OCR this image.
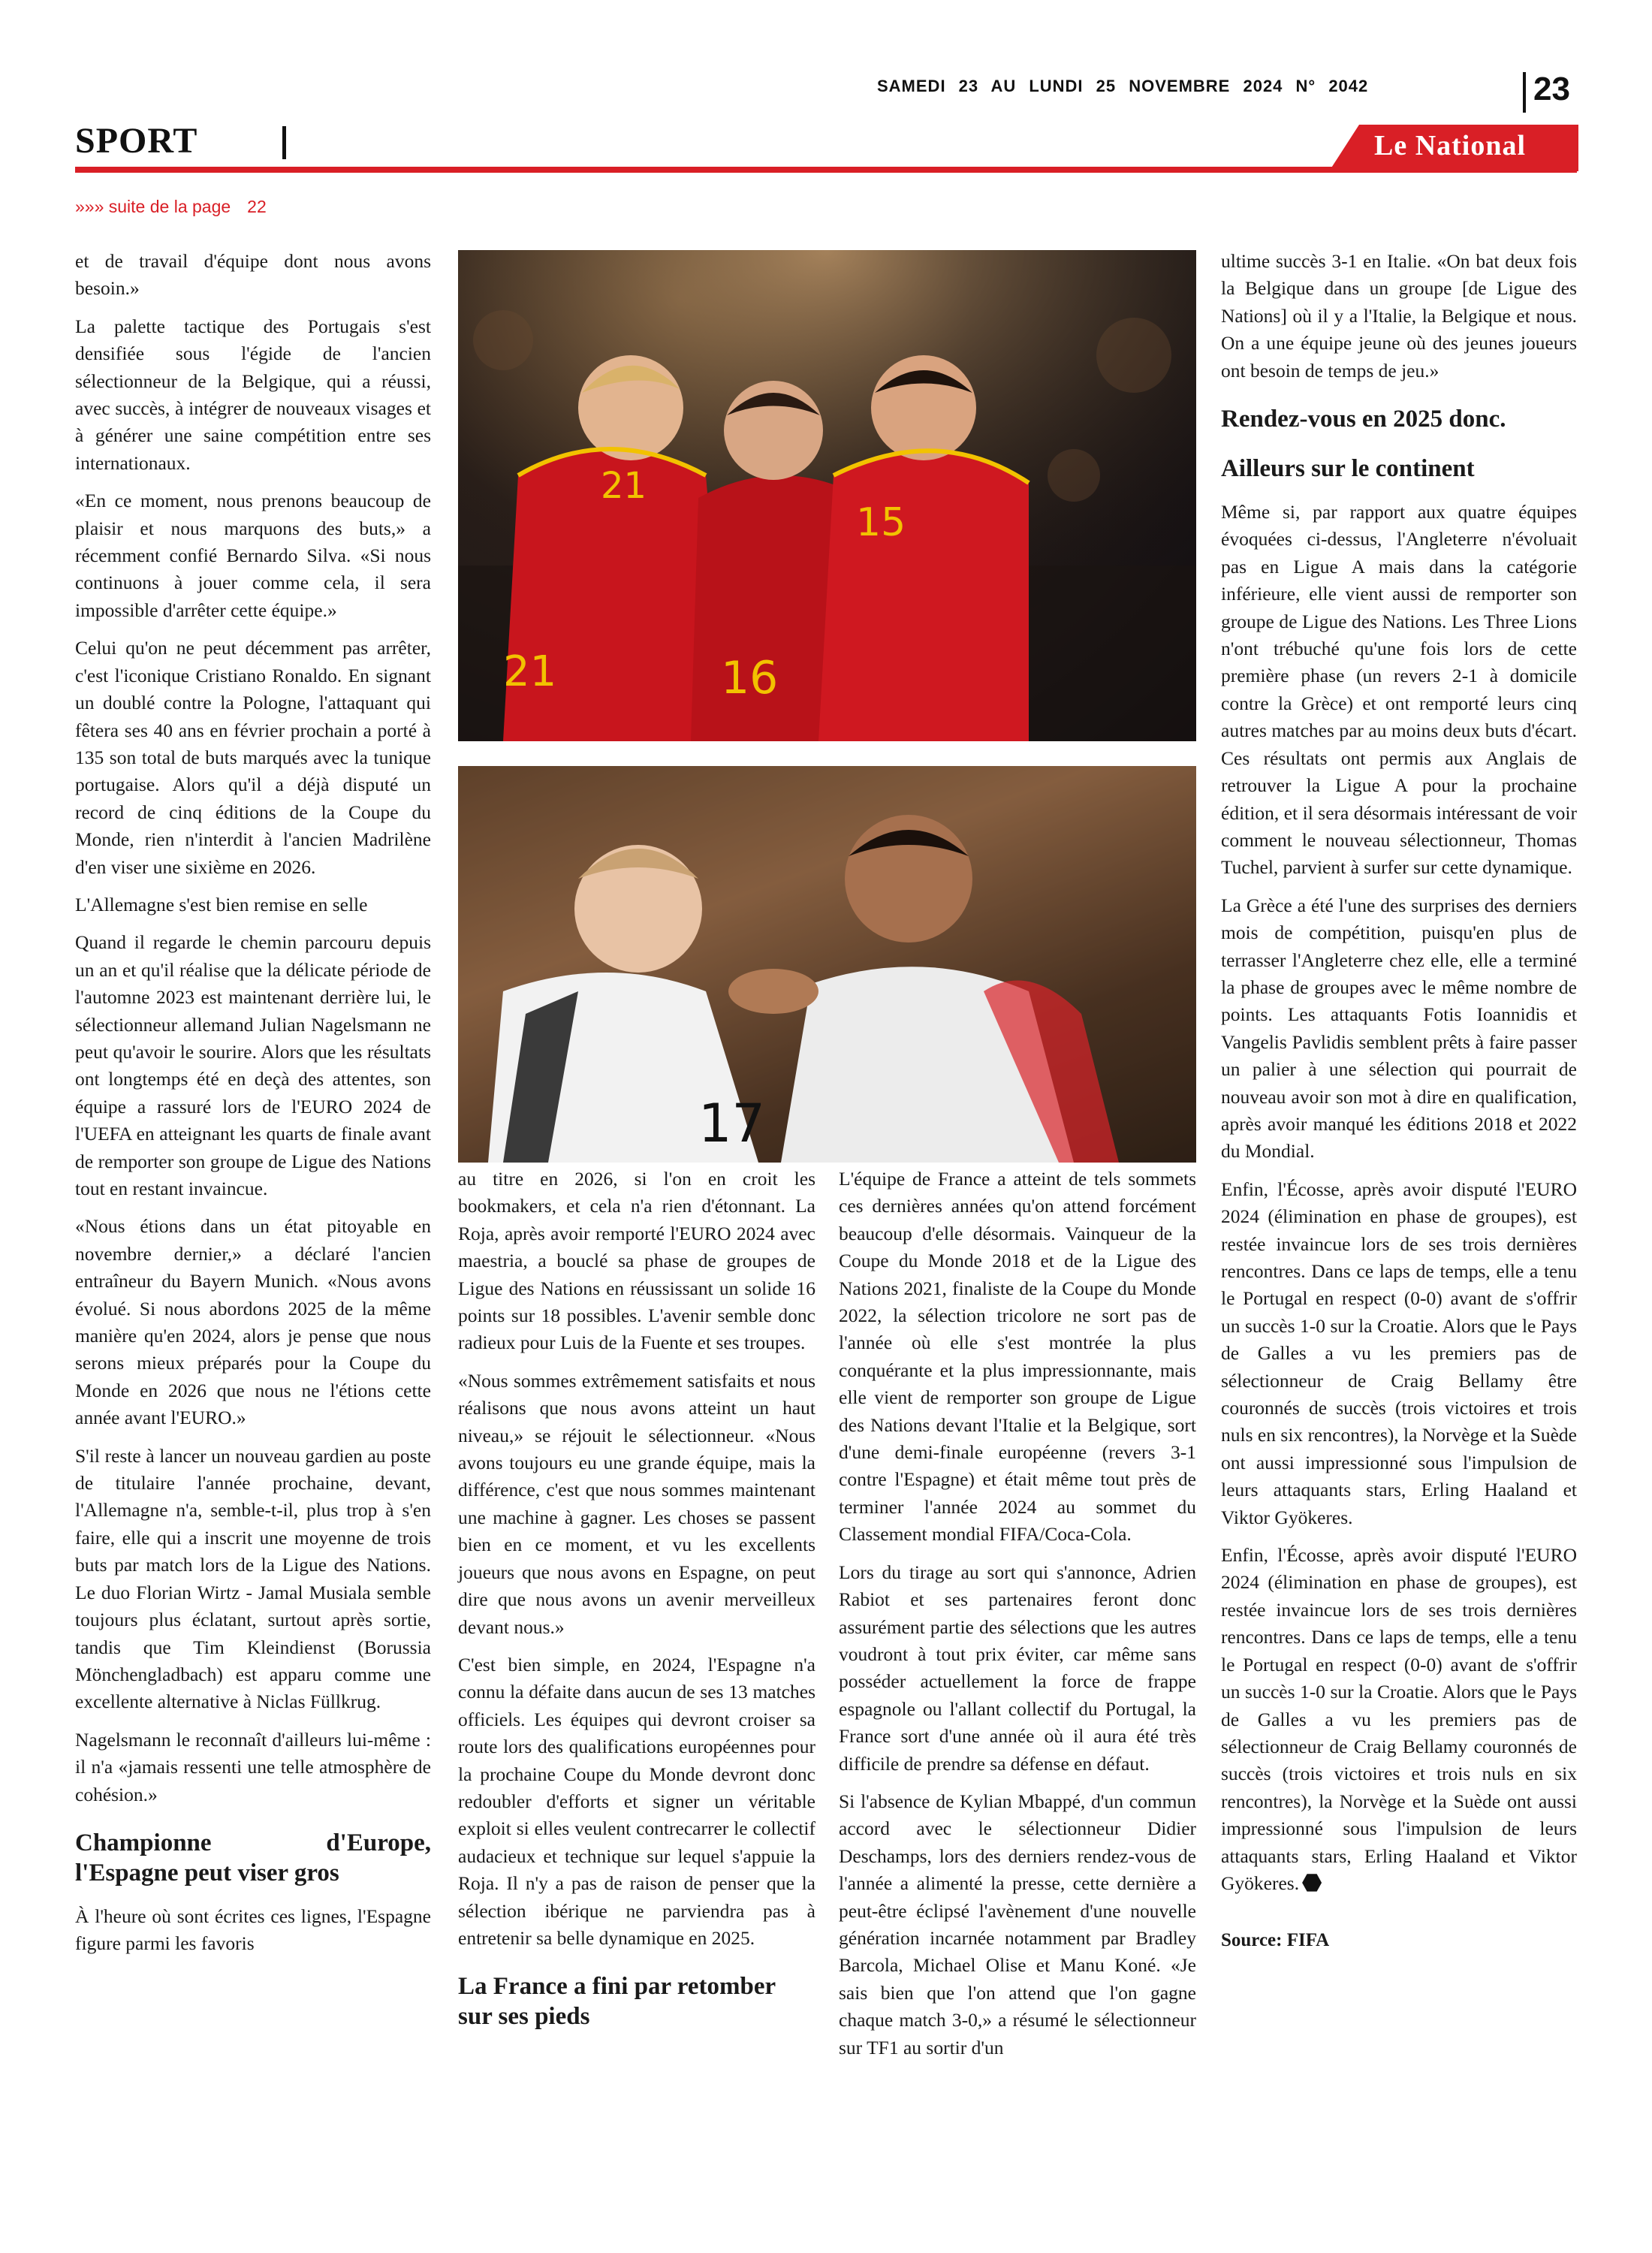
SAMEDI 23 AU LUNDI 25 NOVEMBRE 2024 N° 2042	23
SPORT	Le National
»»» suite de la page 22

et de travail d'équipe dont nous avons besoin.»

La palette tactique des Portugais s'est densifiée sous l'égide de l'ancien sélectionneur de la Belgique, qui a réussi, avec succès, à intégrer de nouveaux visages et à générer une saine compétition entre ses internationaux.

«En ce moment, nous prenons beaucoup de plaisir et nous marquons des buts,» a récemment confié Bernardo Silva. «Si nous continuons à jouer comme cela, il sera impossible d'arrêter cette équipe.»

Celui qu'on ne peut décemment pas arrêter, c'est l'iconique Cristiano Ronaldo. En signant un doublé contre la Pologne, l'attaquant qui fêtera ses 40 ans en février prochain a porté à 135 son total de buts marqués avec la tunique portugaise. Alors qu'il a déjà disputé un record de cinq éditions de la Coupe du Monde, rien n'interdit à l'ancien Madrilène d'en viser une sixième en 2026.

L'Allemagne s'est bien remise en selle

Quand il regarde le chemin parcouru depuis un an et qu'il réalise que la délicate période de l'automne 2023 est maintenant derrière lui, le sélectionneur allemand Julian Nagelsmann ne peut qu'avoir le sourire. Alors que les résultats ont longtemps été en deçà des attentes, son équipe a rassuré lors de l'EURO 2024 de l'UEFA en atteignant les quarts de finale avant de remporter son groupe de Ligue des Nations tout en restant invaincue.

«Nous étions dans un état pitoyable en novembre dernier,» a déclaré l'ancien entraîneur du Bayern Munich. «Nous avons évolué. Si nous abordons 2025 de la même manière qu'en 2024, alors je pense que nous serons mieux préparés pour la Coupe du Monde en 2026 que nous ne l'étions cette année avant l'EURO.»

S'il reste à lancer un nouveau gardien au poste de titulaire l'année prochaine, devant, l'Allemagne n'a, semble-t-il, plus trop à s'en faire, elle qui a inscrit une moyenne de trois buts par match lors de la Ligue des Nations. Le duo Florian Wirtz - Jamal Musiala semble toujours plus éclatant, surtout après sortie, tandis que Tim Kleindienst (Borussia Mönchengladbach) est apparu comme une excellente alternative à Niclas Füllkrug.

Nagelsmann le reconnaît d'ailleurs lui-même : il n'a «jamais ressenti une telle atmosphère de cohésion.»

Championne d'Europe, l'Espagne peut viser gros

À l'heure où sont écrites ces lignes, l'Espagne figure parmi les favoris

21
15
16
21
17

au titre en 2026, si l'on en croit les bookmakers, et cela n'a rien d'étonnant. La Roja, après avoir remporté l'EURO 2024 avec maestria, a bouclé sa phase de groupes de Ligue des Nations en réussissant un solide 16 points sur 18 possibles. L'avenir semble donc radieux pour Luis de la Fuente et ses troupes.

«Nous sommes extrêmement satisfaits et nous réalisons que nous avons atteint un haut niveau,» se réjouit le sélectionneur. «Nous avons toujours eu une grande équipe, mais la différence, c'est que nous sommes maintenant une machine à gagner. Les choses se passent bien en ce moment, et vu les excellents joueurs que nous avons en Espagne, on peut dire que nous avons un avenir merveilleux devant nous.»

C'est bien simple, en 2024, l'Espagne n'a connu la défaite dans aucun de ses 13 matches officiels. Les équipes qui devront croiser sa route lors des qualifications européennes pour la prochaine Coupe du Monde devront donc redoubler d'efforts et signer un véritable exploit si elles veulent contrecarrer le collectif audacieux et technique sur lequel s'appuie la Roja. Il n'y a pas de raison de penser que la sélection ibérique ne parviendra pas à entretenir sa belle dynamique en 2025.

La France a fini par retomber sur ses pieds

L'équipe de France a atteint de tels sommets ces dernières années qu'on attend forcément beaucoup d'elle désormais. Vainqueur de la Coupe du Monde 2018 et de la Ligue des Nations 2021, finaliste de la Coupe du Monde 2022, la sélection tricolore ne sort pas de l'année où elle s'est montrée la plus conquérante et la plus impressionnante, mais elle vient de remporter son groupe de Ligue des Nations devant l'Italie et la Belgique, sort d'une demi-finale européenne (revers 3-1 contre l'Espagne) et était même tout près de terminer l'année 2024 au sommet du Classement mondial FIFA/Coca-Cola.

Lors du tirage au sort qui s'annonce, Adrien Rabiot et ses partenaires feront donc assurément partie des sélections que les autres voudront à tout prix éviter, car même sans posséder actuellement la force de frappe espagnole ou l'allant collectif du Portugal, la France sort d'une année où il aura été très difficile de prendre sa défense en défaut.

Si l'absence de Kylian Mbappé, d'un commun accord avec le sélectionneur Didier Deschamps, lors des derniers rendez-vous de l'année a alimenté la presse, cette dernière a peut-être éclipsé l'avènement d'une nouvelle génération incarnée notamment par Bradley Barcola, Michael Olise et Manu Koné. «Je sais bien que l'on attend que l'on gagne chaque match 3-0,» a résumé le sélectionneur sur TF1 au sortir d'un

ultime succès 3-1 en Italie. «On bat deux fois la Belgique dans un groupe [de Ligue des Nations] où il y a l'Italie, la Belgique et nous. On a une équipe jeune où des jeunes joueurs ont besoin de temps de jeu.»

Rendez-vous en 2025 donc.
Ailleurs sur le continent

Même si, par rapport aux quatre équipes évoquées ci-dessus, l'Angleterre n'évoluait pas en Ligue A mais dans la catégorie inférieure, elle vient aussi de remporter son groupe de Ligue des Nations. Les Three Lions n'ont trébuché qu'une fois lors de cette première phase (un revers 2-1 à domicile contre la Grèce) et ont remporté leurs cinq autres matches par au moins deux buts d'écart. Ces résultats ont permis aux Anglais de retrouver la Ligue A pour la prochaine édition, et il sera désormais intéressant de voir comment le nouveau sélectionneur, Thomas Tuchel, parvient à surfer sur cette dynamique.

La Grèce a été l'une des surprises des derniers mois de compétition, puisqu'en plus de terrasser l'Angleterre chez elle, elle a terminé la phase de groupes avec le même nombre de points. Les attaquants Fotis Ioannidis et Vangelis Pavlidis semblent prêts à faire passer un palier à une sélection qui pourrait de nouveau avoir son mot à dire en qualification, après avoir manqué les éditions 2018 et 2022 du Mondial.

Enfin, l'Écosse, après avoir disputé l'EURO 2024 (élimination en phase de groupes), est restée invaincue lors de ses trois dernières rencontres. Dans ce laps de temps, elle a tenu le Portugal en respect (0-0) avant de s'offrir un succès 1-0 sur la Croatie. Alors que le Pays de Galles a vu les premiers pas de sélectionneur de Craig Bellamy être couronnés de succès (trois victoires et trois nuls en six rencontres), la Norvège et la Suède ont aussi impressionné sous l'impulsion de leurs attaquants stars, Erling Haaland et Viktor Gyökeres.

Enfin, l'Écosse, après avoir disputé l'EURO 2024 (élimination en phase de groupes), est restée invaincue lors de ses trois dernières rencontres. Dans ce laps de temps, elle a tenu le Portugal en respect (0-0) avant de s'offrir un succès 1-0 sur la Croatie. Alors que le Pays de Galles a vu les premiers pas de sélectionneur de Craig Bellamy couronnés de succès (trois victoires et trois nuls en six rencontres), la Norvège et la Suède ont aussi impressionné sous l'impulsion de leurs attaquants stars, Erling Haaland et Viktor Gyökeres.

Source: FIFA
